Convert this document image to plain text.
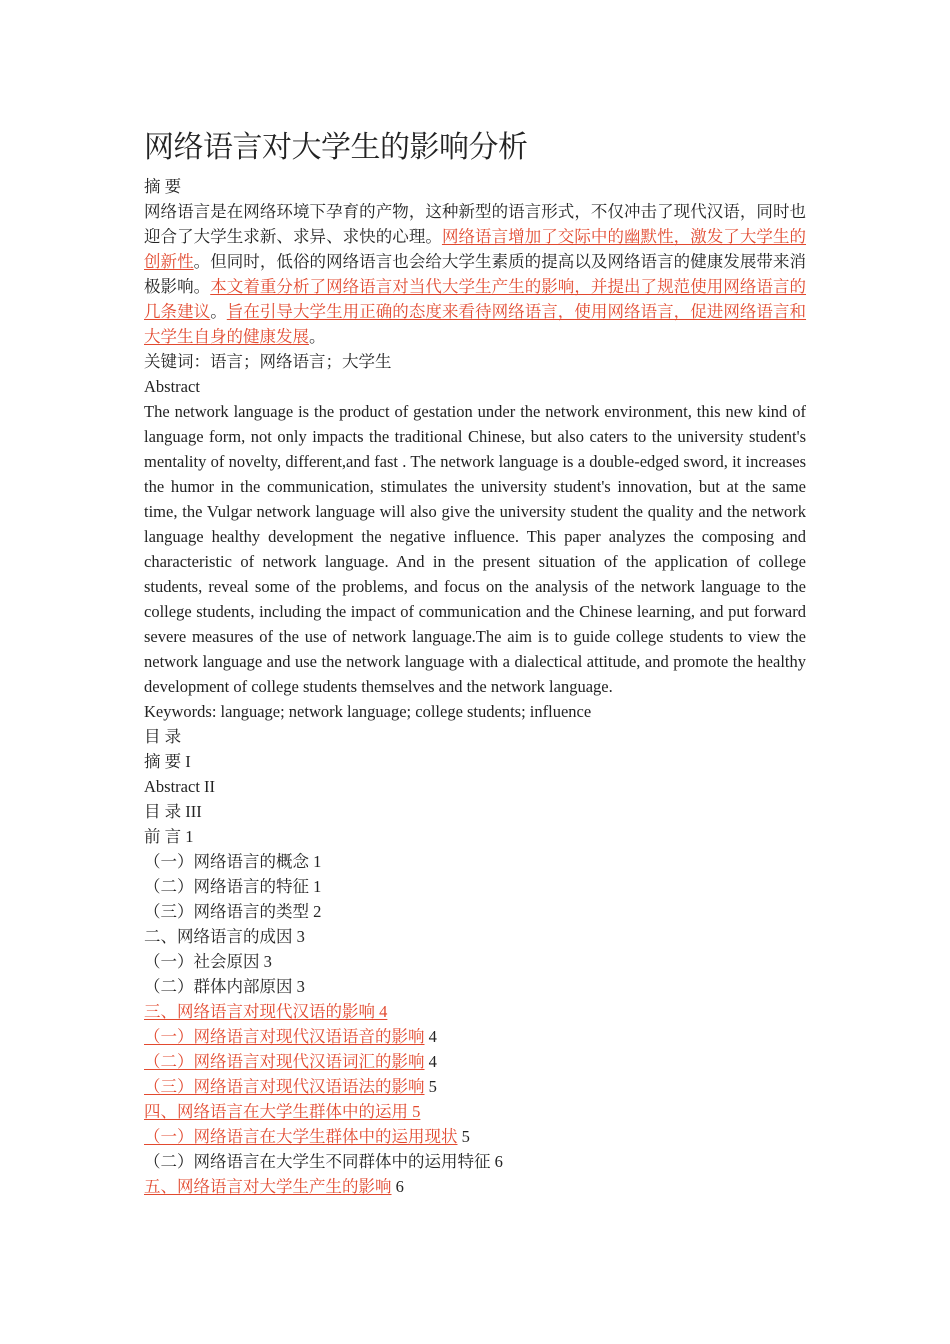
网络语言对大学生的影响分析

摘 要

网络语言是在网络环境下孕育的产物，这种新型的语言形式，不仅冲击了现代汉语，同时也迎合了大学生求新、求异、求快的心理。网络语言增加了交际中的幽默性，激发了大学生的创新性。但同时，低俗的网络语言也会给大学生素质的提高以及网络语言的健康发展带来消极影响。本文着重分析了网络语言对当代大学生产生的影响，并提出了规范使用网络语言的几条建议。旨在引导大学生用正确的态度来看待网络语言，使用网络语言，促进网络语言和大学生自身的健康发展。

关键词：语言；网络语言；大学生

Abstract

The network language is the product of gestation under the network environment, this new kind of language form, not only impacts the traditional Chinese, but also caters to the university student's mentality of novelty, different,and fast . The network language is a double-edged sword, it increases the humor in the communication, stimulates the university student's innovation, but at the same time, the Vulgar network language will also give the university student the quality and the network language healthy development the negative influence. This paper analyzes the composing and characteristic of network language. And in the present situation of the application of college students, reveal some of the problems, and focus on the analysis of the network language to the college students, including the impact of communication and the Chinese learning, and put forward severe measures of the use of network language.The aim is to guide college students to view the network language and use the network language with a dialectical attitude, and promote the healthy development of college students themselves and the network language.

Keywords: language; network language; college students; influence

目 录

摘 要 I

Abstract II

目 录 III

前 言 1

（一）网络语言的概念 1

（二）网络语言的特征 1

（三）网络语言的类型 2

二、网络语言的成因 3

（一）社会原因 3

（二）群体内部原因 3

三、网络语言对现代汉语的影响 4

（一）网络语言对现代汉语语音的影响 4

（二）网络语言对现代汉语词汇的影响 4

（三）网络语言对现代汉语语法的影响 5

四、网络语言在大学生群体中的运用 5

（一）网络语言在大学生群体中的运用现状 5

（二）网络语言在大学生不同群体中的运用特征 6

五、网络语言对大学生产生的影响 6
